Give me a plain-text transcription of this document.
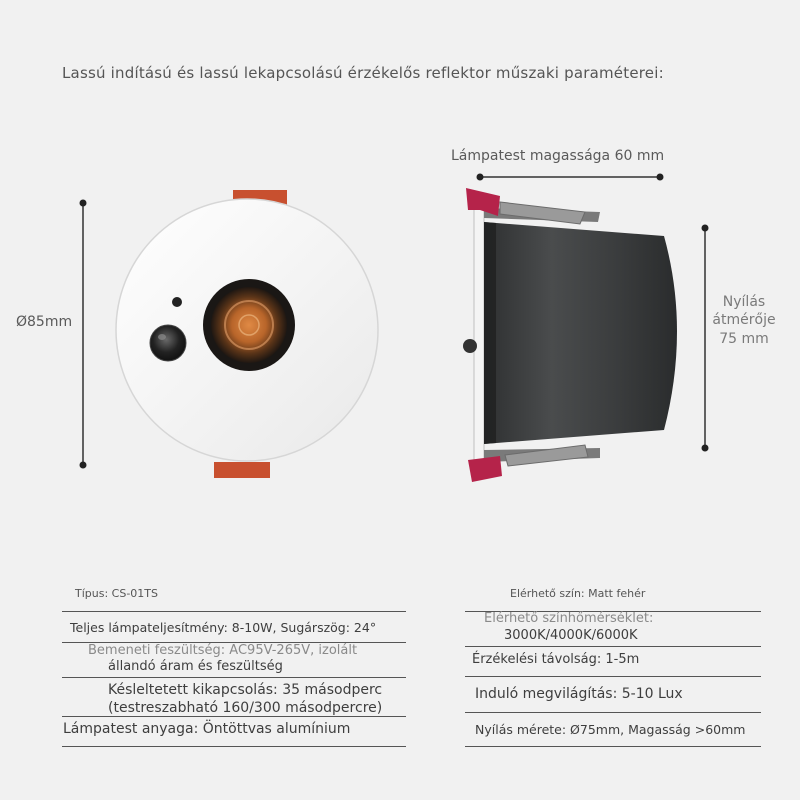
Lassú indítású és lassú lekapcsolású érzékelős reflektor műszaki paraméterei:
Ø85mm
Lámpatest magassága 60 mm
Nyílás
átmérője
75 mm
Típus: CS-01TS
Teljes lámpateljesítmény: 8-10W, Sugárszög: 24°
Bemeneti feszültség: AC95V-265V, izolált
állandó áram és feszültség
Késleltetett kikapcsolás: 35 másodperc
(testreszabható 160/300 másodpercre)
Lámpatest anyaga: Öntöttvas alumínium
Elérhető szín: Matt fehér
Elérhető színhőmérséklet:
3000K/4000K/6000K
Érzékelési távolság: 1-5m
Induló megvilágítás: 5-10 Lux
Nyílás mérete: Ø75mm, Magasság >60mm
